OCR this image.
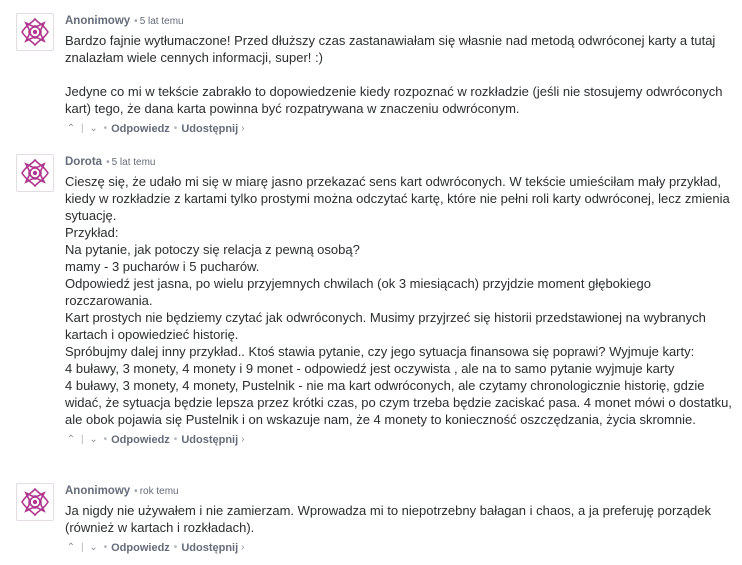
Anonimowy • 5 lat temu

Bardzo fajnie wytłumaczone! Przed dłuższy czas zastanawiałam się własnie nad metodą odwróconej karty a tutaj znalazłam wiele cennych informacji, super! :)

Jedyne co mi w tekście zabrakło to dopowiedzenie kiedy rozpoznać w rozkładzie (jeśli nie stosujemy odwróconych kart) tego, że dana karta powinna być rozpatrywana w znaczeniu odwróconym.

⌃ | ⌄ • Odpowiedz • Udostępnij ›
Dorota • 5 lat temu

Cieszę się, że udało mi się w miarę jasno przekazać sens kart odwróconych. W tekście umieściłam mały przykład, kiedy w rozkładzie z kartami tylko prostymi można odczytać kartę, które nie pełni roli karty odwróconej, lecz zmienia sytuację.

Przykład:

Na pytanie, jak potoczy się relacja z pewną osobą?

mamy - 3 pucharów i 5 pucharów.

Odpowiedź jest jasna, po wielu przyjemnych chwilach (ok 3 miesiącach) przyjdzie moment głębokiego rozczarowania.

Kart prostych nie będziemy czytać jak odwróconych. Musimy przyjrzeć się historii przedstawionej na wybranych kartach i opowiedzieć historię.

Spróbujmy dalej inny przykład.. Ktoś stawia pytanie, czy jego sytuacja finansowa się poprawi? Wyjmuje karty:

4 buławy, 3 monety, 4 monety i 9 monet - odpowiedź jest oczywista , ale na to samo pytanie wyjmuje karty

4 buławy, 3 monety, 4 monety, Pustelnik - nie ma kart odwróconych, ale czytamy chronologicznie historię, gdzie widać, że sytuacja będzie lepsza przez krótki czas, po czym trzeba będzie zaciskać pasa. 4 monet mówi o dostatku, ale obok pojawia się Pustelnik i on wskazuje nam, że 4 monety to konieczność oszczędzania, życia skromnie.

⌃ | ⌄ • Odpowiedz • Udostępnij ›
Anonimowy • rok temu

Ja nigdy nie używałem i nie zamierzam. Wprowadza mi to niepotrzebny bałagan i chaos, a ja preferuję porządek (również w kartach i rozkładach).

⌃ | ⌄ • Odpowiedz • Udostępnij ›
